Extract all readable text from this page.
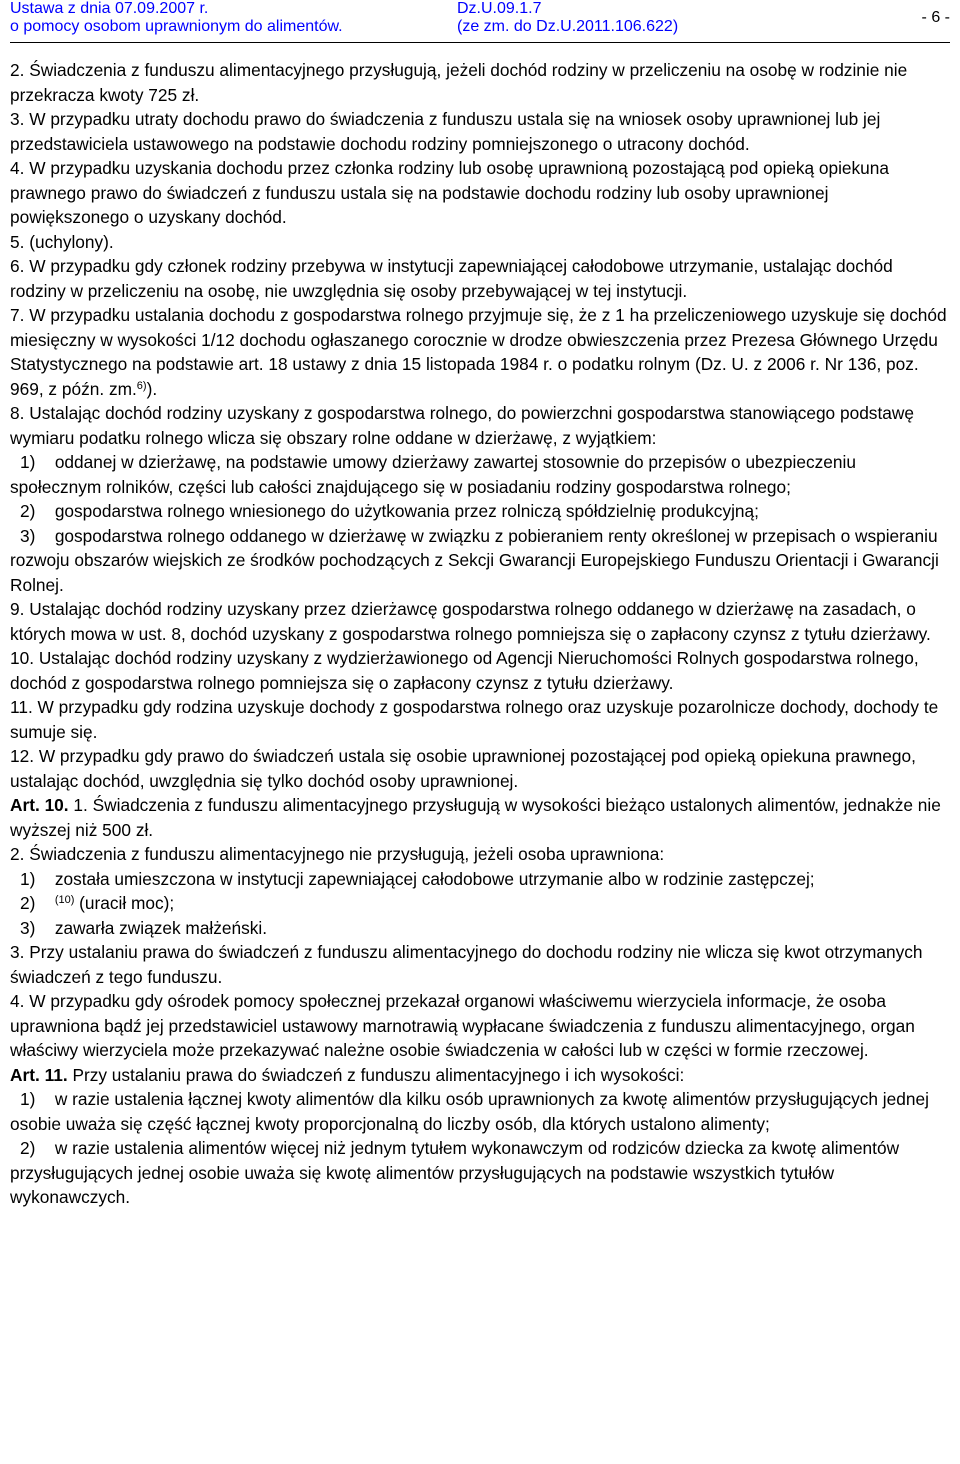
Ustawa z dnia 07.09.2007 r.
o pomocy osobom uprawnionym do alimentów.
Dz.U.09.1.7
(ze zm. do Dz.U.2011.106.622)
- 6 -

2. Świadczenia z funduszu alimentacyjnego przysługują, jeżeli dochód rodziny w przeliczeniu na osobę w rodzinie nie przekracza kwoty 725 zł.

3. W przypadku utraty dochodu prawo do świadczenia z funduszu ustala się na wniosek osoby uprawnionej lub jej przedstawiciela ustawowego na podstawie dochodu rodziny pomniejszonego o utracony dochód.

4. W przypadku uzyskania dochodu przez członka rodziny lub osobę uprawnioną pozostającą pod opieką opiekuna prawnego prawo do świadczeń z funduszu ustala się na podstawie dochodu rodziny lub osoby uprawnionej powiększonego o uzyskany dochód.

5. (uchylony).

6. W przypadku gdy członek rodziny przebywa w instytucji zapewniającej całodobowe utrzymanie, ustalając dochód rodziny w przeliczeniu na osobę, nie uwzględnia się osoby przebywającej w tej instytucji.

7. W przypadku ustalania dochodu z gospodarstwa rolnego przyjmuje się, że z 1 ha przeliczeniowego uzyskuje się dochód miesięczny w wysokości 1/12 dochodu ogłaszanego corocznie w drodze obwieszczenia przez Prezesa Głównego Urzędu Statystycznego na podstawie art. 18 ustawy z dnia 15 listopada 1984 r. o podatku rolnym (Dz. U. z 2006 r. Nr 136, poz. 969, z późn. zm.$^{6)}$).

8. Ustalając dochód rodziny uzyskany z gospodarstwa rolnego, do powierzchni gospodarstwa stanowiącego podstawę wymiaru podatku rolnego wlicza się obszary rolne oddane w dzierżawę, z wyjątkiem:

1) oddanej w dzierżawę, na podstawie umowy dzierżawy zawartej stosownie do przepisów o ubezpieczeniu społecznym rolników, części lub całości znajdującego się w posiadaniu rodziny gospodarstwa rolnego;

2) gospodarstwa rolnego wniesionego do użytkowania przez rolniczą spółdzielnię produkcyjną;

3) gospodarstwa rolnego oddanego w dzierżawę w związku z pobieraniem renty określonej w przepisach o wspieraniu rozwoju obszarów wiejskich ze środków pochodzących z Sekcji Gwarancji Europejskiego Funduszu Orientacji i Gwarancji Rolnej.

9. Ustalając dochód rodziny uzyskany przez dzierżawcę gospodarstwa rolnego oddanego w dzierżawę na zasadach, o których mowa w ust. 8, dochód uzyskany z gospodarstwa rolnego pomniejsza się o zapłacony czynsz z tytułu dzierżawy.

10. Ustalając dochód rodziny uzyskany z wydzierżawionego od Agencji Nieruchomości Rolnych gospodarstwa rolnego, dochód z gospodarstwa rolnego pomniejsza się o zapłacony czynsz z tytułu dzierżawy.

11. W przypadku gdy rodzina uzyskuje dochody z gospodarstwa rolnego oraz uzyskuje pozarolnicze dochody, dochody te sumuje się.

12. W przypadku gdy prawo do świadczeń ustala się osobie uprawnionej pozostającej pod opieką opiekuna prawnego, ustalając dochód, uwzględnia się tylko dochód osoby uprawnionej.

Art. 10. 1. Świadczenia z funduszu alimentacyjnego przysługują w wysokości bieżąco ustalonych alimentów, jednakże nie wyższej niż 500 zł.

2. Świadczenia z funduszu alimentacyjnego nie przysługują, jeżeli osoba uprawniona:

1) została umieszczona w instytucji zapewniającej całodobowe utrzymanie albo w rodzinie zastępczej;

2) $^{(10)}$ (uracił moc);

3) zawarła związek małżeński.

3. Przy ustalaniu prawa do świadczeń z funduszu alimentacyjnego do dochodu rodziny nie wlicza się kwot otrzymanych świadczeń z tego funduszu.

4. W przypadku gdy ośrodek pomocy społecznej przekazał organowi właściwemu wierzyciela informacje, że osoba uprawniona bądź jej przedstawiciel ustawowy marnotrawią wypłacane świadczenia z funduszu alimentacyjnego, organ właściwy wierzyciela może przekazywać należne osobie świadczenia w całości lub w części w formie rzeczowej.

Art. 11. Przy ustalaniu prawa do świadczeń z funduszu alimentacyjnego i ich wysokości:

1) w razie ustalenia łącznej kwoty alimentów dla kilku osób uprawnionych za kwotę alimentów przysługujących jednej osobie uważa się część łącznej kwoty proporcjonalną do liczby osób, dla których ustalono alimenty;

2) w razie ustalenia alimentów więcej niż jednym tytułem wykonawczym od rodziców dziecka za kwotę alimentów przysługujących jednej osobie uważa się kwotę alimentów przysługujących na podstawie wszystkich tytułów wykonawczych.
